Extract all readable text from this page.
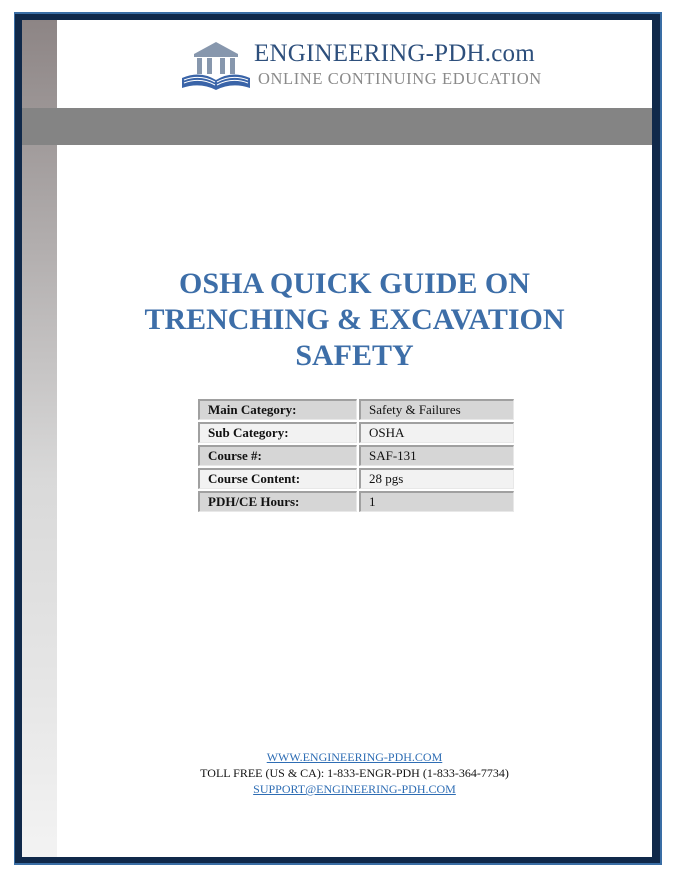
ENGINEERING-PDH.com
ONLINE CONTINUING EDUCATION
OSHA QUICK GUIDE ON
TRENCHING & EXCAVATION
SAFETY
Main Category:	Safety & Failures
Sub Category:	OSHA
Course #:	SAF-131
Course Content:	28 pgs
PDH/CE Hours:	1
WWW.ENGINEERING-PDH.COM
TOLL FREE (US & CA): 1-833-ENGR-PDH (1-833-364-7734)
SUPPORT@ENGINEERING-PDH.COM
